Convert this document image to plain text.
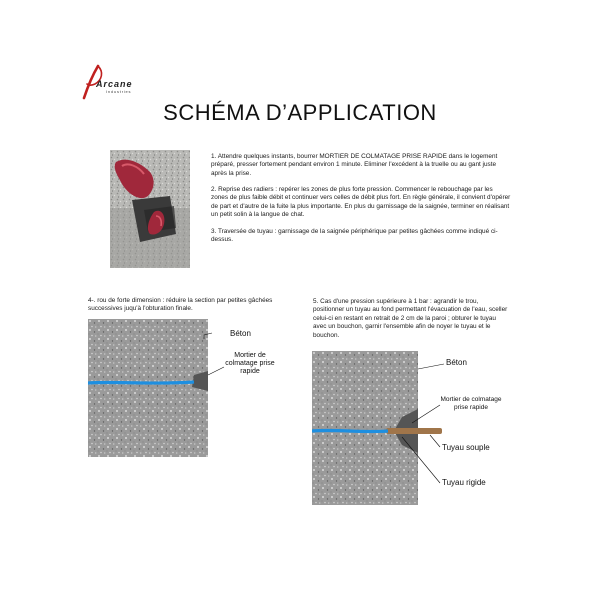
Arcane
Industries
SCHÉMA D’APPLICATION

1. Attendre quelques instants, bourrer MORTIER DE COLMATAGE PRISE RAPIDE dans le logement préparé, presser fortement pendant environ 1 minute. Eliminer l'excédent à la truelle ou au gant juste après la prise.

2. Reprise des radiers : repérer les zones de plus forte pression. Commencer le rebouchage par les zones de plus faible débit et continuer vers celles de débit plus fort. En règle générale, il convient d'opérer de part et d'autre de la fuite la plus importante. En plus du garnissage de la saignée, terminer en réalisant un petit solin à la langue de chat.

3. Traversée de tuyau : garnissage de la saignée périphérique par petites gâchées comme indiqué ci-dessus.

4-. rou de forte dimension : réduire la section par petites gâchées successives juqu'à l'obturation finale.
Béton
Mortier de colmatage prise rapide
5. Cas d'une pression supérieure à 1 bar : agrandir le trou, positionner un tuyau au fond permettant l'évacuation de l'eau, sceller celui-ci en restant en retrait de 2 cm de la paroi ; obturer le tuyau avec un bouchon, garnir l'ensemble afin de noyer le tuyau et le bouchon.
Béton
Mortier de colmatage prise rapide
Tuyau souple
Tuyau rigide
